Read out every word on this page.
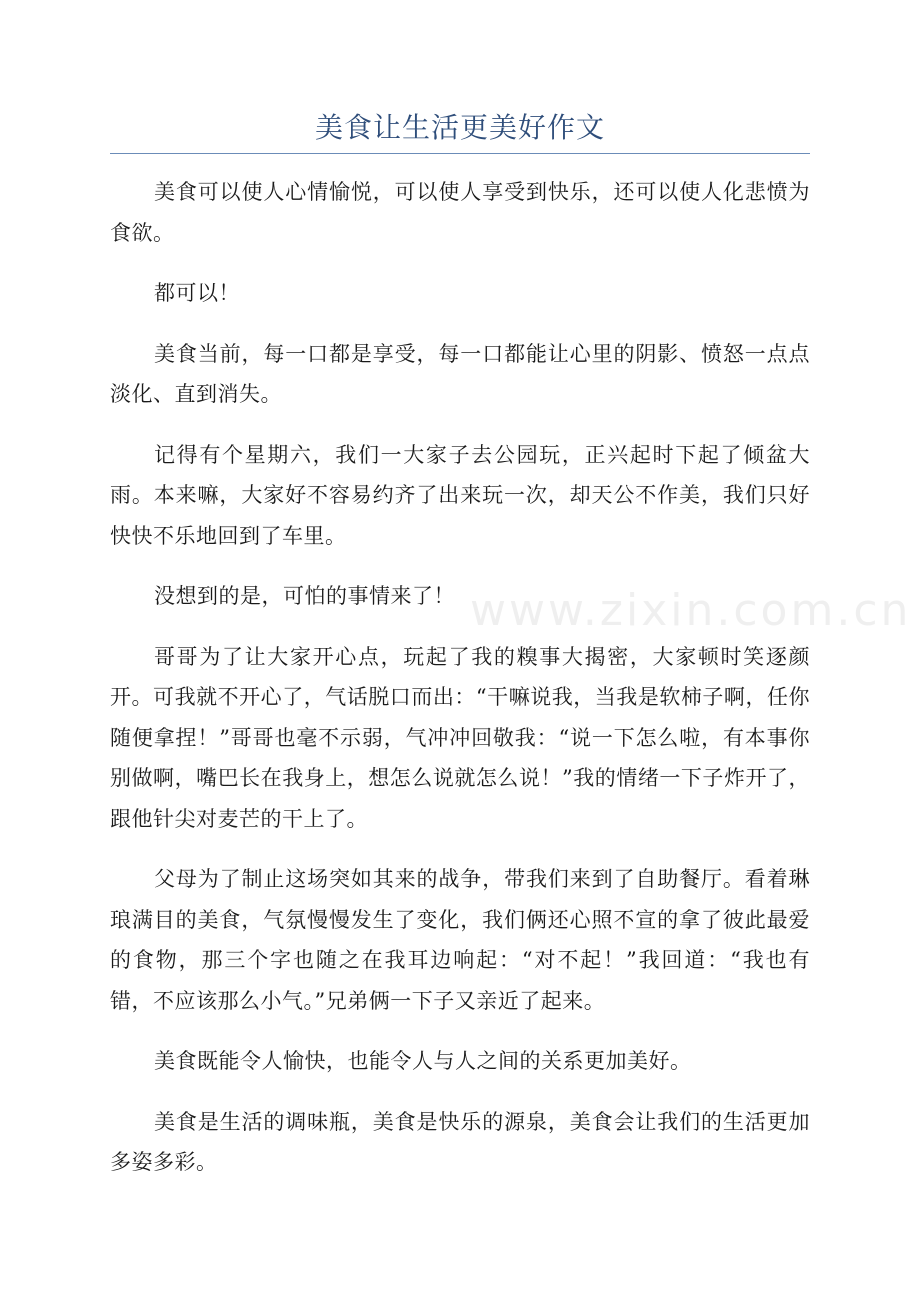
美食让生活更美好作文
www.zixin.com.cn

美食可以使人心情愉悦，可以使人享受到快乐，还可以使人化悲愤为食欲。

都可以！

美食当前，每一口都是享受，每一口都能让心里的阴影、愤怒一点点淡化、直到消失。

记得有个星期六，我们一大家子去公园玩，正兴起时下起了倾盆大雨。本来嘛，大家好不容易约齐了出来玩一次，却天公不作美，我们只好快快不乐地回到了车里。

没想到的是，可怕的事情来了！

哥哥为了让大家开心点，玩起了我的糗事大揭密，大家顿时笑逐颜开。可我就不开心了，气话脱口而出：“干嘛说我，当我是软柿子啊，任你随便拿捏！”哥哥也毫不示弱，气冲冲回敬我：“说一下怎么啦，有本事你别做啊，嘴巴长在我身上，想怎么说就怎么说！”我的情绪一下子炸开了，跟他针尖对麦芒的干上了。

父母为了制止这场突如其来的战争，带我们来到了自助餐厅。看着琳琅满目的美食，气氛慢慢发生了变化，我们俩还心照不宣的拿了彼此最爱的食物，那三个字也随之在我耳边响起：“对不起！”我回道：“我也有错，不应该那么小气。”兄弟俩一下子又亲近了起来。

美食既能令人愉快，也能令人与人之间的关系更加美好。

美食是生活的调味瓶，美食是快乐的源泉，美食会让我们的生活更加多姿多彩。
